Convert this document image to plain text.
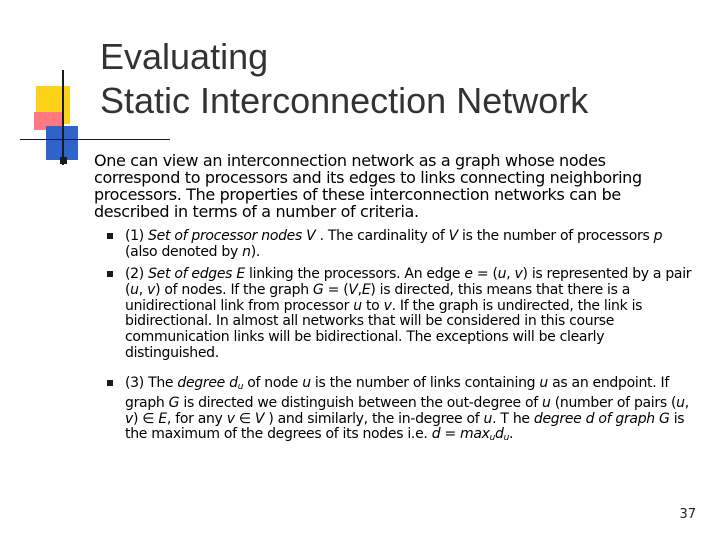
Evaluating
Static Interconnection Network
One can view an interconnection network as a graph whose nodes correspond to processors and its edges to links connecting neighboring processors. The properties of these interconnection networks can be described in terms of a number of criteria.
(1) Set of processor nodes V . The cardinality of V is the number of processors p (also denoted by n).
(2) Set of edges E linking the processors. An edge e = (u, v) is represented by a pair (u, v) of nodes. If the graph G = (V,E) is directed, this means that there is a unidirectional link from processor u to v. If the graph is undirected, the link is bidirectional. In almost all networks that will be considered in this course communication links will be bidirectional. The exceptions will be clearly distinguished.
(3) The degree $d_u$ of node u is the number of links containing u as an endpoint. If graph G is directed we distinguish between the out-degree of u (number of pairs (u, v) ∈ E, for any v ∈ V ) and similarly, the in-degree of u. T he degree d of graph G is the maximum of the degrees of its nodes i.e. $d = \max_ud_u$.
37
